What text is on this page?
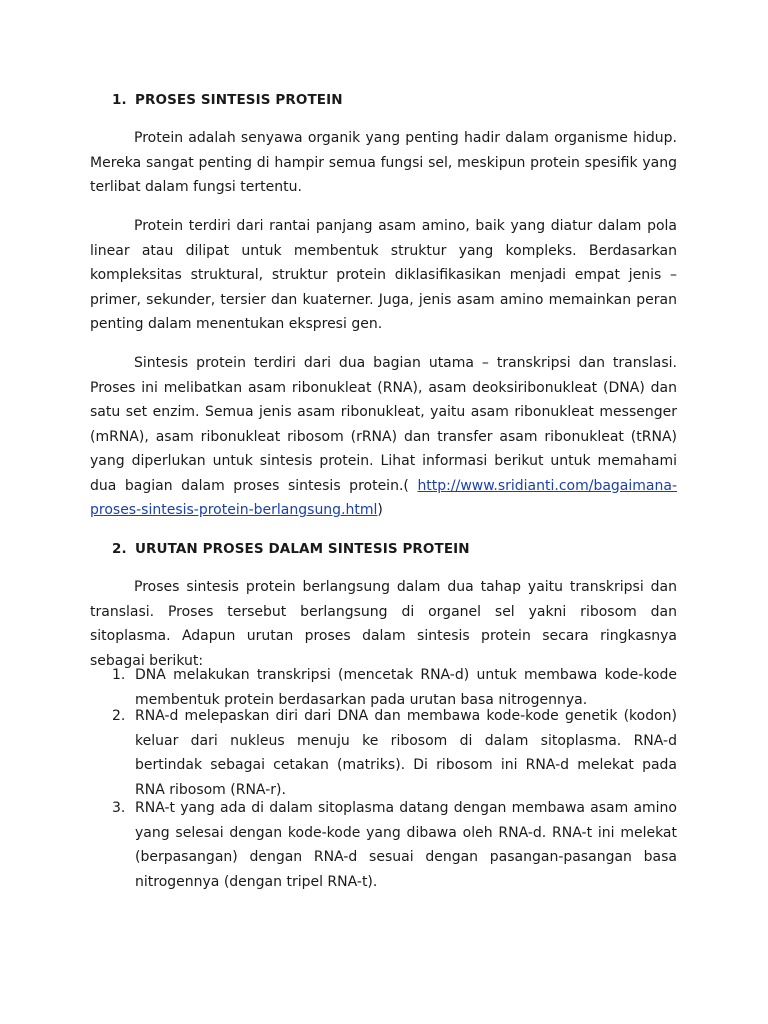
1. PROSES SINTESIS PROTEIN

Protein adalah senyawa organik yang penting hadir dalam organisme hidup. Mereka sangat penting di hampir semua fungsi sel, meskipun protein spesifik yang terlibat dalam fungsi tertentu.

Protein terdiri dari rantai panjang asam amino, baik yang diatur dalam pola linear atau dilipat untuk membentuk struktur yang kompleks. Berdasarkan kompleksitas struktural, struktur protein diklasifikasikan menjadi empat jenis – primer, sekunder, tersier dan kuaterner. Juga, jenis asam amino memainkan peran penting dalam menentukan ekspresi gen.

Sintesis protein terdiri dari dua bagian utama – transkripsi dan translasi. Proses ini melibatkan asam ribonukleat (RNA), asam deoksiribonukleat (DNA) dan satu set enzim. Semua jenis asam ribonukleat, yaitu asam ribonukleat messenger (mRNA), asam ribonukleat ribosom (rRNA) dan transfer asam ribonukleat (tRNA) yang diperlukan untuk sintesis protein. Lihat informasi berikut untuk memahami dua bagian dalam proses sintesis protein.( http://www.sridianti.com/bagaimana-proses-sintesis-protein-berlangsung.html)

2. URUTAN PROSES DALAM SINTESIS PROTEIN

Proses sintesis protein berlangsung dalam dua tahap yaitu transkripsi dan translasi. Proses tersebut berlangsung di organel sel yakni ribosom dan sitoplasma. Adapun urutan proses dalam sintesis protein secara ringkasnya sebagai berikut:

1. DNA melakukan transkripsi (mencetak RNA-d) untuk membawa kode-kode membentuk protein berdasarkan pada urutan basa nitrogennya.
2. RNA-d melepaskan diri dari DNA dan membawa kode-kode genetik (kodon) keluar dari nukleus menuju ke ribosom di dalam sitoplasma. RNA-d bertindak sebagai cetakan (matriks). Di ribosom ini RNA-d melekat pada RNA ribosom (RNA-r).
3. RNA-t yang ada di dalam sitoplasma datang dengan membawa asam amino yang selesai dengan kode-kode yang dibawa oleh RNA-d. RNA-t ini melekat (berpasangan) dengan RNA-d sesuai dengan pasangan-pasangan basa nitrogennya (dengan tripel RNA-t).
